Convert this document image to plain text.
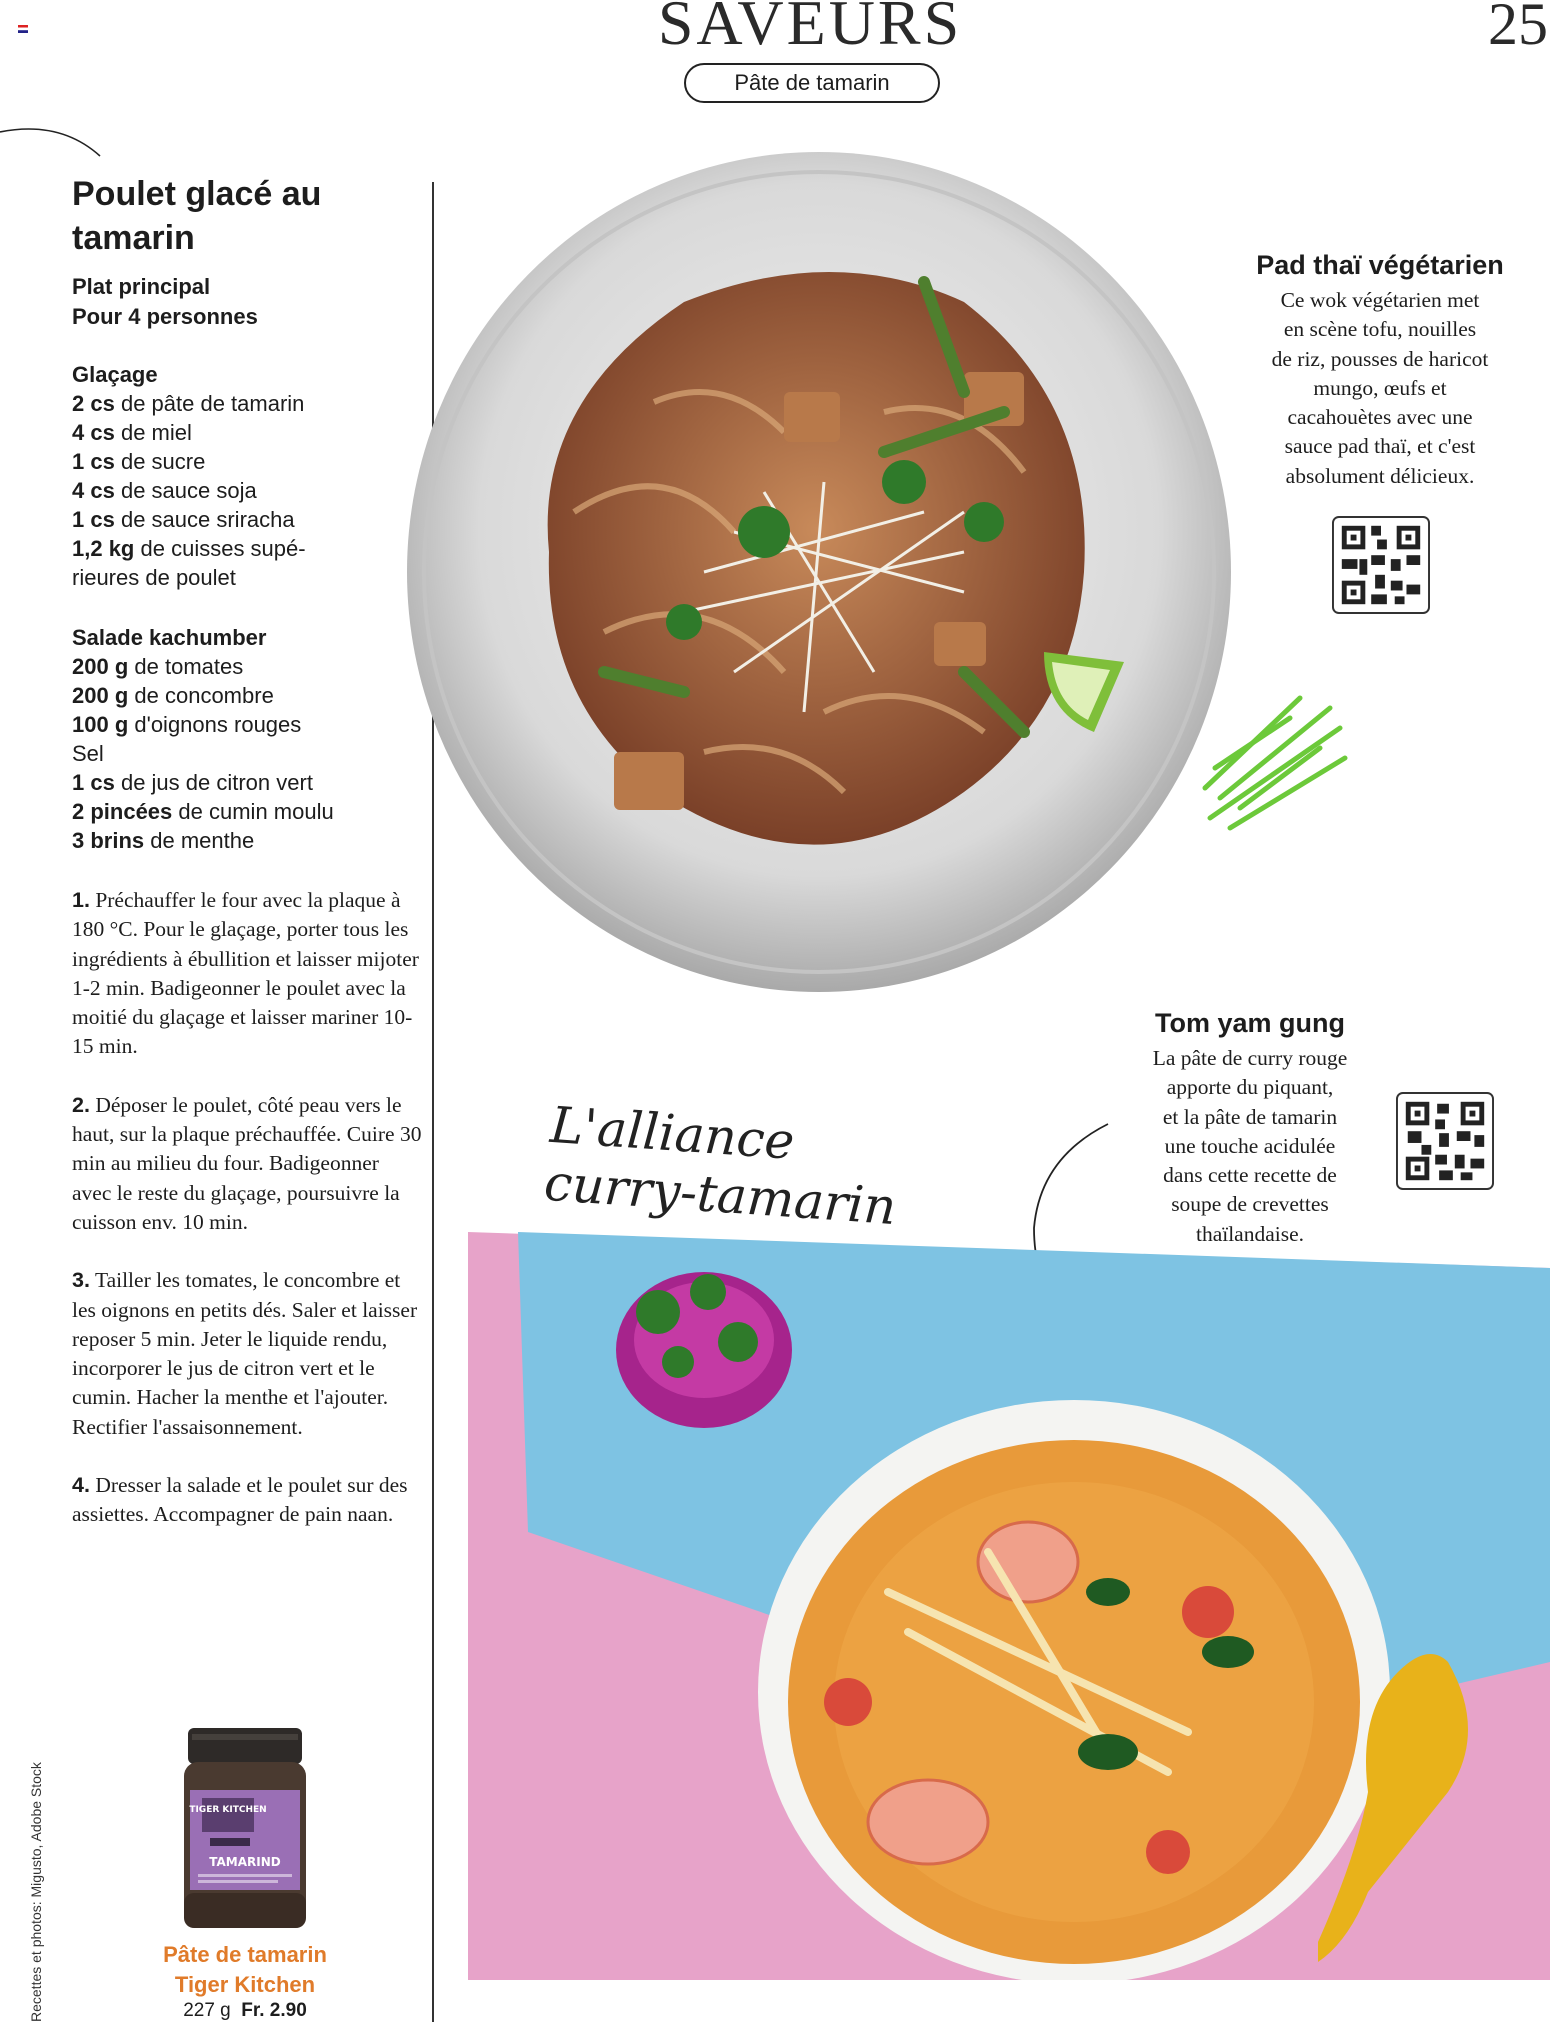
SAVEURS	25
Pâte de tamarin
Poulet glacé au tamarin
Plat principal
Pour 4 personnes
Glaçage
2 cs de pâte de tamarin
4 cs de miel
1 cs de sucre
4 cs de sauce soja
1 cs de sauce sriracha
1,2 kg de cuisses supé-
rieures de poulet
Salade kachumber
200 g de tomates
200 g de concombre
100 g d'oignons rouges
Sel
1 cs de jus de citron vert
2 pincées de cumin moulu
3 brins de menthe

1. Préchauffer le four avec la plaque à 180 °C. Pour le glaçage, porter tous les ingrédients à ébullition et laisser mijoter 1-2 min. Badigeonner le poulet avec la moitié du glaçage et laisser mariner 10-15 min.

2. Déposer le poulet, côté peau vers le haut, sur la plaque préchauffée. Cuire 30 min au milieu du four. Badigeonner avec le reste du glaçage, poursuivre la cuisson env. 10 min.

3. Tailler les tomates, le concombre et les oignons en petits dés. Saler et laisser reposer 5 min. Jeter le liquide rendu, incorporer le jus de citron vert et le cumin. Hacher la menthe et l'ajouter. Rectifier l'assaisonnement.

4. Dresser la salade et le poulet sur des assiettes. Accompagner de pain naan.

Recettes et photos: Migusto, Adobe Stock	TIGER KITCHEN
TAMARIND
Pâte de tamarin
Tiger Kitchen
227 g Fr. 2.90
Pad thaï végétarien
Ce wok végétarien met
en scène tofu, nouilles
de riz, pousses de haricot
mungo, œufs et
cacahouètes avec une
sauce pad thaï, et c'est
absolument délicieux.
Tom yam gung
La pâte de curry rouge
apporte du piquant,
et la pâte de tamarin
une touche acidulée
dans cette recette de
soupe de crevettes
thaïlandaise.
L'alliance
curry-tamarin
